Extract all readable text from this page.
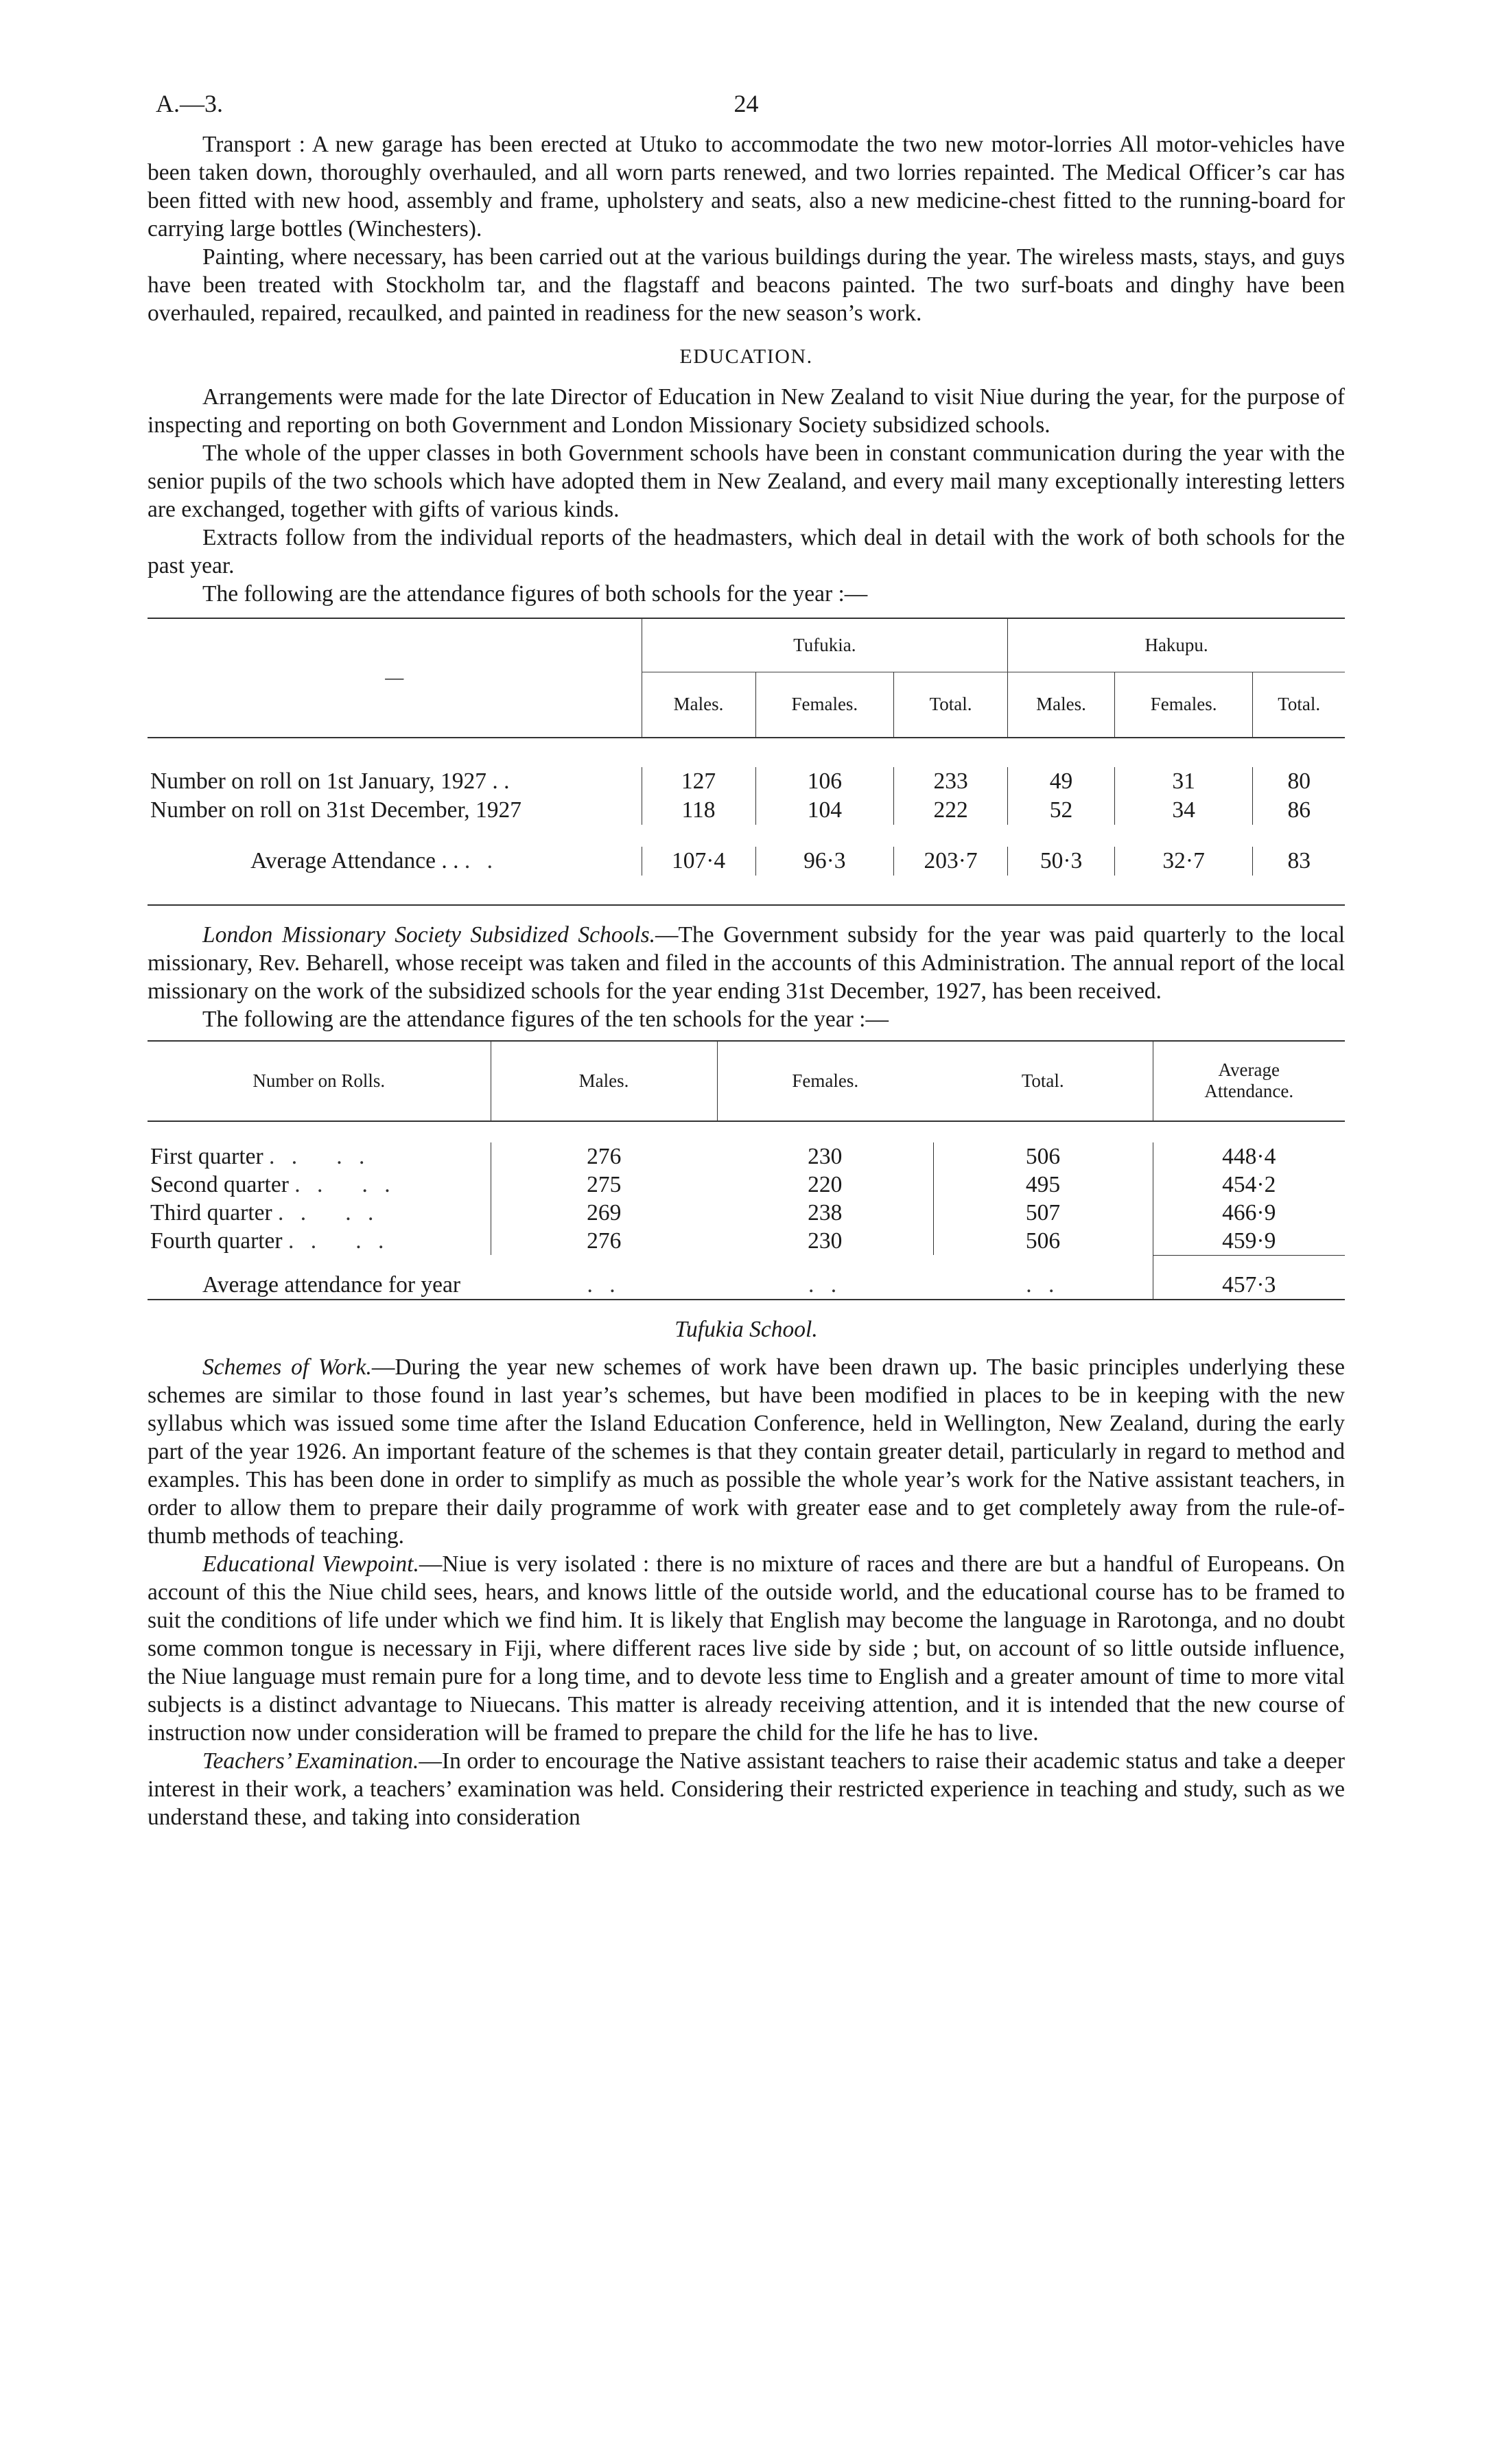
A.—3.	24

Transport : A new garage has been erected at Utuko to accommodate the two new motor-lorries All motor-vehicles have been taken down, thoroughly overhauled, and all worn parts renewed, and two lorries repainted. The Medical Officer’s car has been fitted with new hood, assembly and frame, upholstery and seats, also a new medicine-chest fitted to the running-board for carrying large bottles (Winchesters).

Painting, where necessary, has been carried out at the various buildings during the year. The wireless masts, stays, and guys have been treated with Stockholm tar, and the flagstaff and beacons painted. The two surf-boats and dinghy have been overhauled, repaired, recaulked, and painted in readiness for the new season’s work.

EDUCATION.

Arrangements were made for the late Director of Education in New Zealand to visit Niue during the year, for the purpose of inspecting and reporting on both Government and London Missionary Society subsidized schools.

The whole of the upper classes in both Government schools have been in constant communication during the year with the senior pupils of the two schools which have adopted them in New Zealand, and every mail many exceptionally interesting letters are exchanged, together with gifts of various kinds.

Extracts follow from the individual reports of the headmasters, which deal in detail with the work of both schools for the past year.

The following are the attendance figures of both schools for the year :—

—	Tufukia.			Hakupu.		
	Males.	Females.	Total.	Males.	Females.	Total.

Number on roll on 1st January, 1927 . .	127	106	233	49	31	80
Number on roll on 31st December, 1927	118	104	222	52	34	86

Average Attendance . . . .	107·4	96·3	203·7	50·3	32·7	83

London Missionary Society Subsidized Schools.—The Government subsidy for the year was paid quarterly to the local missionary, Rev. Beharell, whose receipt was taken and filed in the accounts of this Administration. The annual report of the local missionary on the work of the subsidized schools for the year ending 31st December, 1927, has been received.

The following are the attendance figures of the ten schools for the year :—

Number on Rolls.	Males.	Females.	Total.	Average Attendance.

First quarter . .   . .	276	230	506	448·4
Second quarter . .   . .	275	220	495	454·2
Third quarter . .   . .	269	238	507	466·9
Fourth quarter . .   . .	276	230	506	459·9

Average attendance for year	. .	. .	. .	457·3
Tufukia School.

Schemes of Work.—During the year new schemes of work have been drawn up. The basic principles underlying these schemes are similar to those found in last year’s schemes, but have been modified in places to be in keeping with the new syllabus which was issued some time after the Island Education Conference, held in Wellington, New Zealand, during the early part of the year 1926. An important feature of the schemes is that they contain greater detail, particularly in regard to method and examples. This has been done in order to simplify as much as possible the whole year’s work for the Native assistant teachers, in order to allow them to prepare their daily programme of work with greater ease and to get completely away from the rule-of-thumb methods of teaching.

Educational Viewpoint.—Niue is very isolated : there is no mixture of races and there are but a handful of Europeans. On account of this the Niue child sees, hears, and knows little of the outside world, and the educational course has to be framed to suit the conditions of life under which we find him. It is likely that English may become the language in Rarotonga, and no doubt some common tongue is necessary in Fiji, where different races live side by side ; but, on account of so little outside influence, the Niue language must remain pure for a long time, and to devote less time to English and a greater amount of time to more vital subjects is a distinct advantage to Niuecans. This matter is already receiving attention, and it is intended that the new course of instruction now under consideration will be framed to prepare the child for the life he has to live.

Teachers’ Examination.—In order to encourage the Native assistant teachers to raise their academic status and take a deeper interest in their work, a teachers’ examination was held. Considering their restricted experience in teaching and study, such as we understand these, and taking into consideration
